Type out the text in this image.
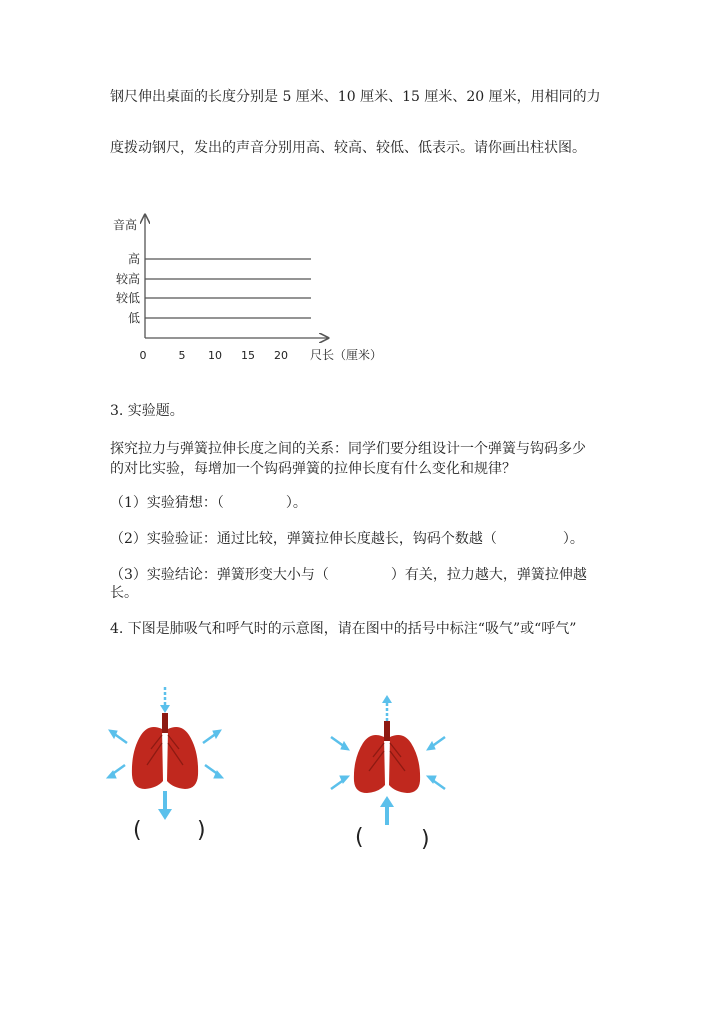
钢尺伸出桌面的长度分别是 5 厘米、10 厘米、15 厘米、20 厘米，用相同的力
度拨动钢尺，发出的声音分别用高、较高、较低、低表示。请你画出柱状图。
音高
尺长（厘米）
高
较高
较低
低
0	5 10 15 20
3. 实验题。
探究拉力与弹簧拉伸长度之间的关系：同学们要分组设计一个弹簧与钩码多少
的对比实验，每增加一个钩码弹簧的拉伸长度有什么变化和规律？
（1）实验猜想：（	）。
（2）实验验证：通过比较，弹簧拉伸长度越长，钩码个数越（	）。
（3）实验结论：弹簧形变大小与（	）有关，拉力越大，弹簧拉伸越
长。
4. 下图是肺吸气和呼气时的示意图，请在图中的括号中标注“吸气”或“呼气”
(	)	(	)
